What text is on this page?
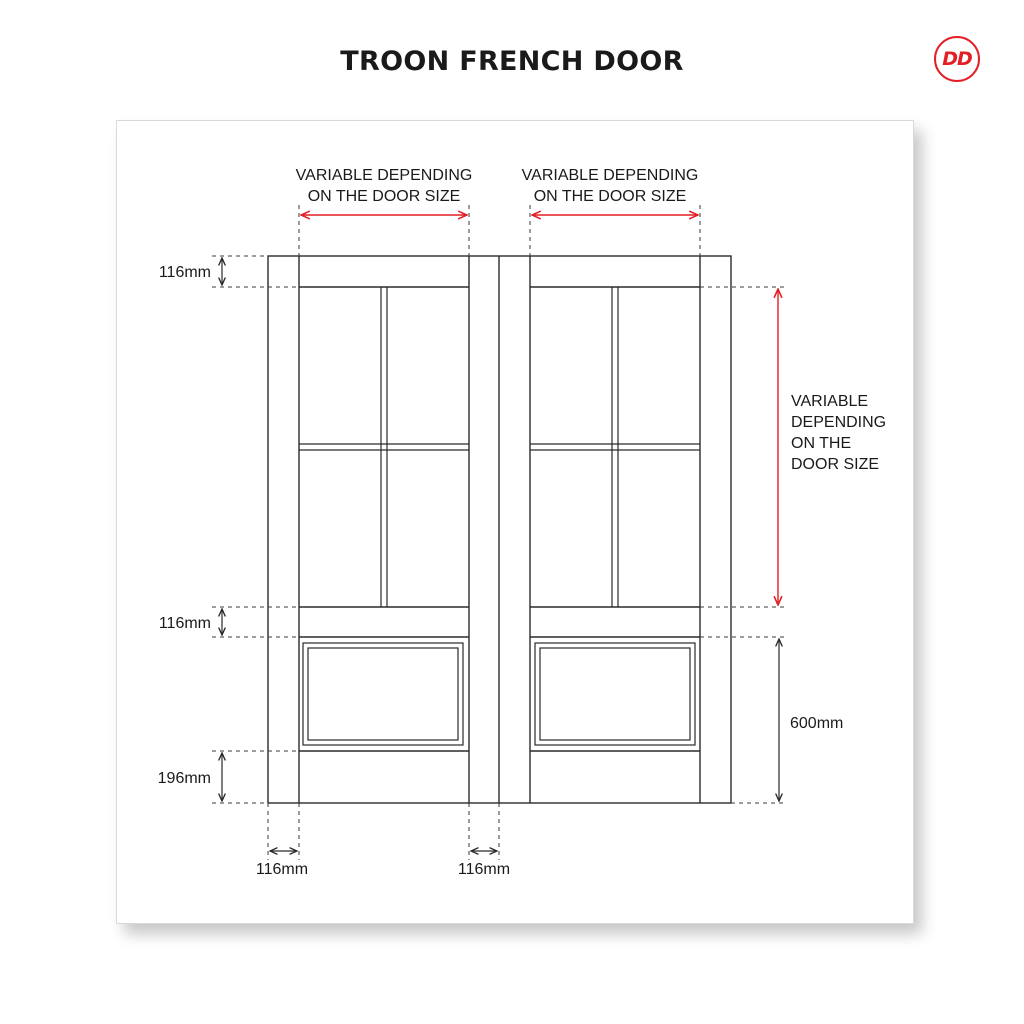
TROON FRENCH DOOR	DD
VARIABLE DEPENDING
ON THE DOOR SIZE
VARIABLE DEPENDING
ON THE DOOR SIZE
VARIABLE
DEPENDING
ON THE
DOOR SIZE
116mm
116mm
196mm
600mm
116mm	116mm
